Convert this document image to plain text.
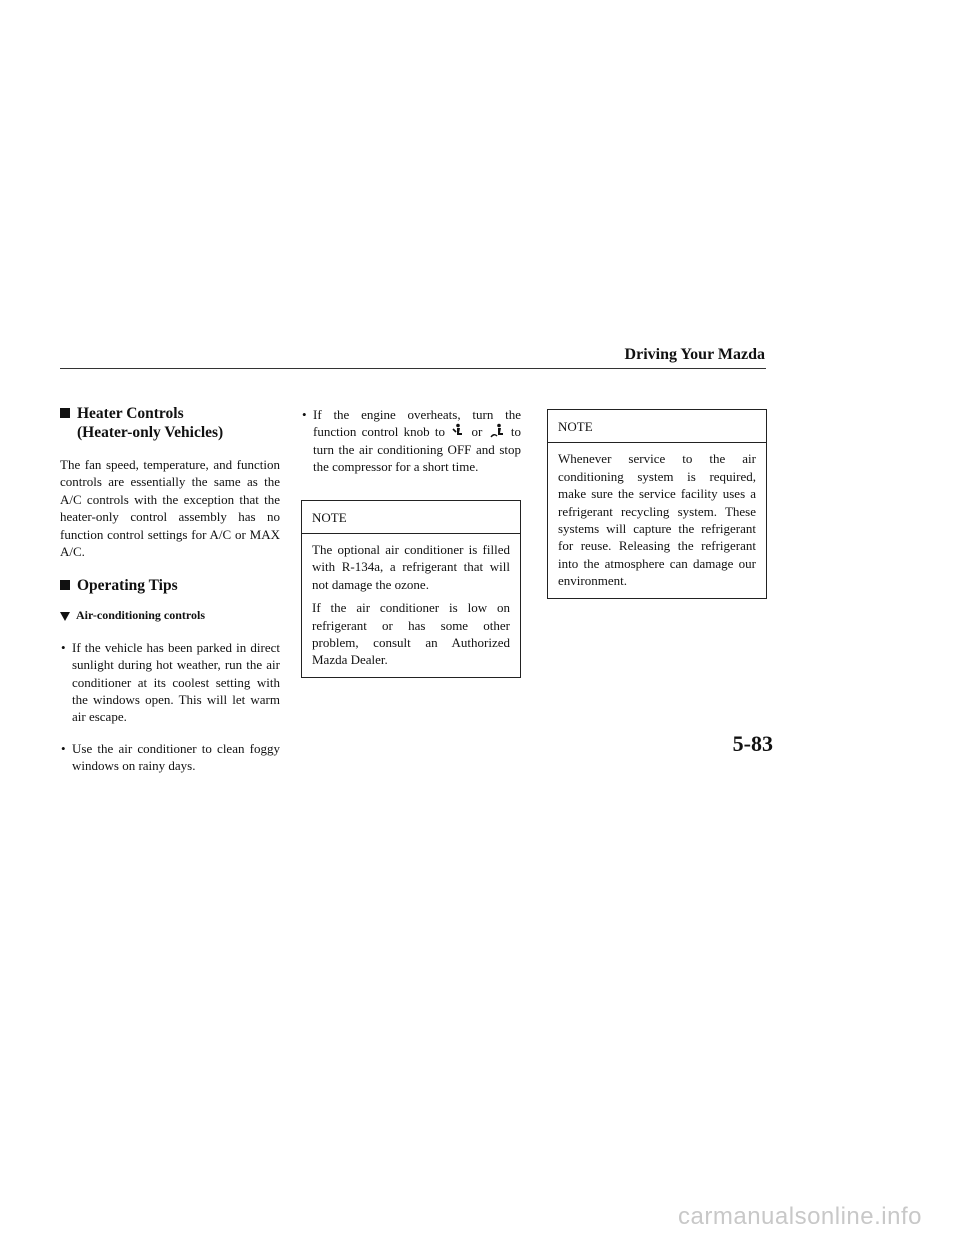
Driving Your Mazda
Heater Controls
(Heater-only Vehicles)

The fan speed, temperature, and function controls are essentially the same as the A/C controls with the exception that the heater-only control assembly has no function control settings for A/C or MAX A/C.

Operating Tips
Air-conditioning controls
• If the vehicle has been parked in direct sunlight during hot weather, run the air conditioner at its coolest setting with the windows open. This will let warm air escape.
• Use the air conditioner to clean foggy windows on rainy days.
• If the engine overheats, turn the function control knob to or to turn the air conditioning OFF and stop the compressor for a short time.
NOTE

The optional air conditioner is filled with R-134a, a refrigerant that will not damage the ozone.

If the air conditioner is low on refrigerant or has some other problem, consult an Authorized Mazda Dealer.

NOTE

Whenever service to the air conditioning system is required, make sure the service facility uses a refrigerant recycling system. These systems will capture the refrigerant for reuse. Releasing the refrigerant into the atmosphere can damage our environment.

5-83
carmanualsonline.info
